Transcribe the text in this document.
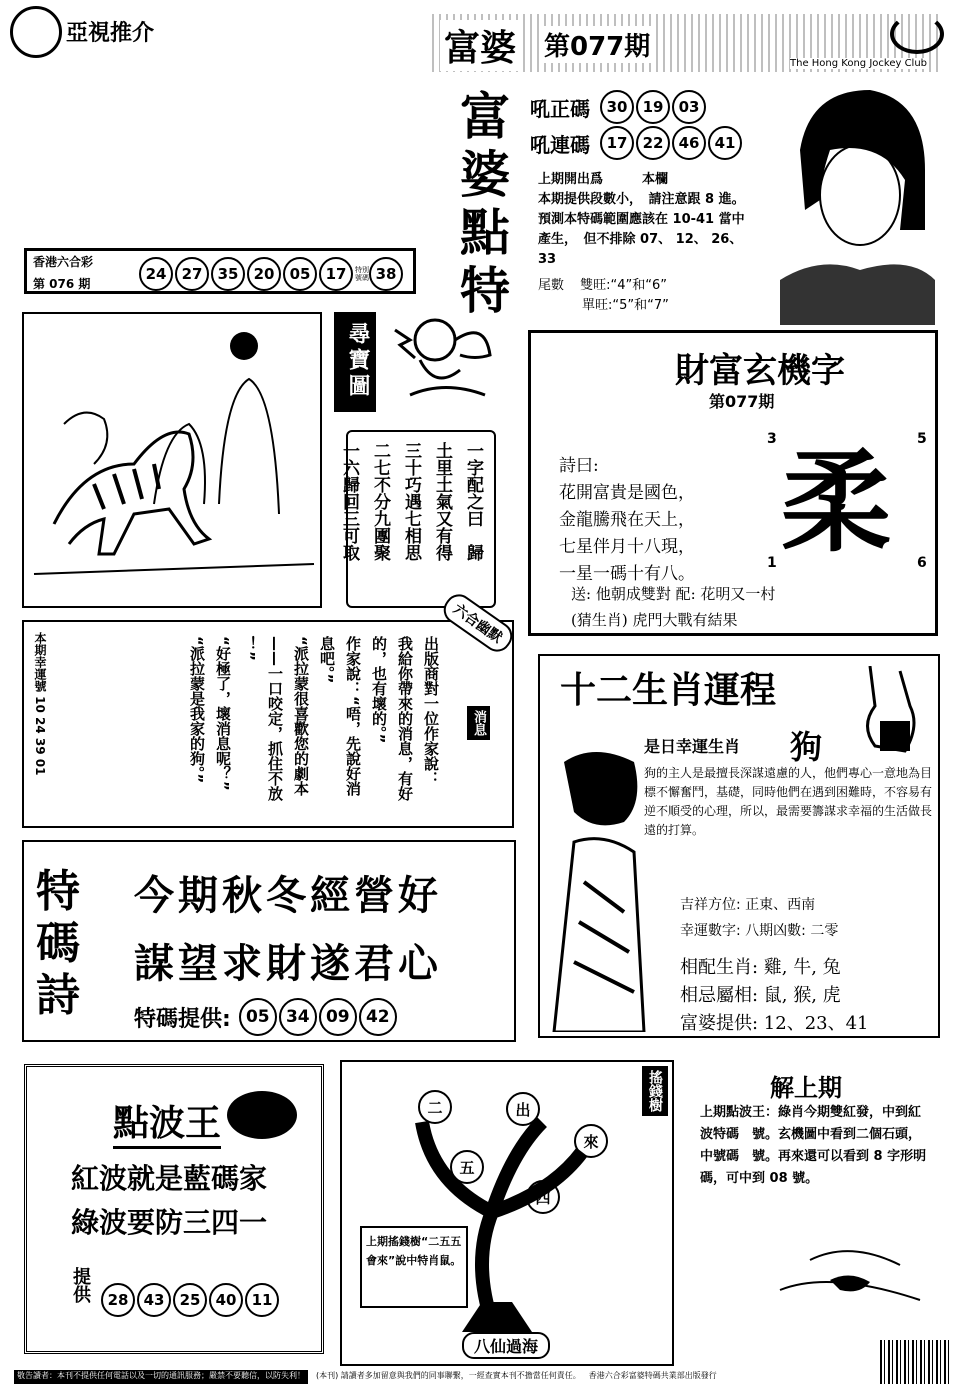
亞視推介	富婆 第077期
The Hong Kong Jockey Club
富婆點特
吼正碼	30	19	03
吼連碼	17	22	46	41
上期開出爲　　　本欄
本期提供段數小，　請注意跟 8 進。
預測本特碼範圍應該在 10-41 當中
產生，　但不排除 07、 12、 26、
33
尾數 雙旺:“4”和“6”
單旺:“5”和“7”
香港六合彩
第 076 期
24	27	35	20	05	17	特別號碼 38
尋寶圖
一字配之曰　歸
土里土氣又有得
三十巧遇七相思
二七不分九團聚
一六歸回三可取
財富玄機字
第077期
3	5
1	6
詩曰:
花開富貴是國色，
金龍騰飛在天上，
七星伴月十八現，
一星一碼十有八。
柔
送: 他朝成雙對 配: 花明又一村
(猜生肖) 虎門大戰有結果
本期幸運號 10 24 39 01	出版商對一位作家說：
我給你帶來的消息，有好
的，也有壞的。”
作家說：“唔，先說好消
息吧。”
“派拉蒙很喜歡您的劇本
——一口咬定，抓住不放
！”
“好極了，壞消息呢？”
“派拉蒙是我家的狗。”	消息
六合幽默
十二生肖運程
是日幸運生肖 狗
狗的主人是最擅長深謀遠慮的人，他們專心一意地為目標不懈奮鬥，基礎，同時他們在遇到困難時，不容易有逆不順受的心理，所以，最需要籌謀求幸福的生活做長遠的打算。
吉祥方位: 正東、西南
幸運數字: 八期凶數: 二零
相配生肖: 雞, 牛, 兔
相忌屬相: 鼠, 猴, 虎
富婆提供: 12、23、41
特碼詩
今期秋冬經營好
謀望求財遂君心
特碼提供: 05 34 09 42
點波王
紅波就是藍碼家
綠波要防三四一
提供	28	43	25	40	11
搖錢樹
二	出
來
五
四
上期搖錢樹“二五五會來”說中特肖鼠。
八仙過海
解上期
上期點波王：綠肖今期雙紅發，中到紅波特碼　號。玄機圖中看到二個石頭，中號碼　號。再來還可以看到 8 字形明碼，可中到 08 號。
敬告讀者：本刊不提供任何電話以及一切的通訊服務；嚴禁不要聽信，以防失利！	(本刊) 請讀者多加留意與我們的同事聯繫，一經查實本刊不擔當任何責任。 香港六合彩富婆特碼共業部出版發行
